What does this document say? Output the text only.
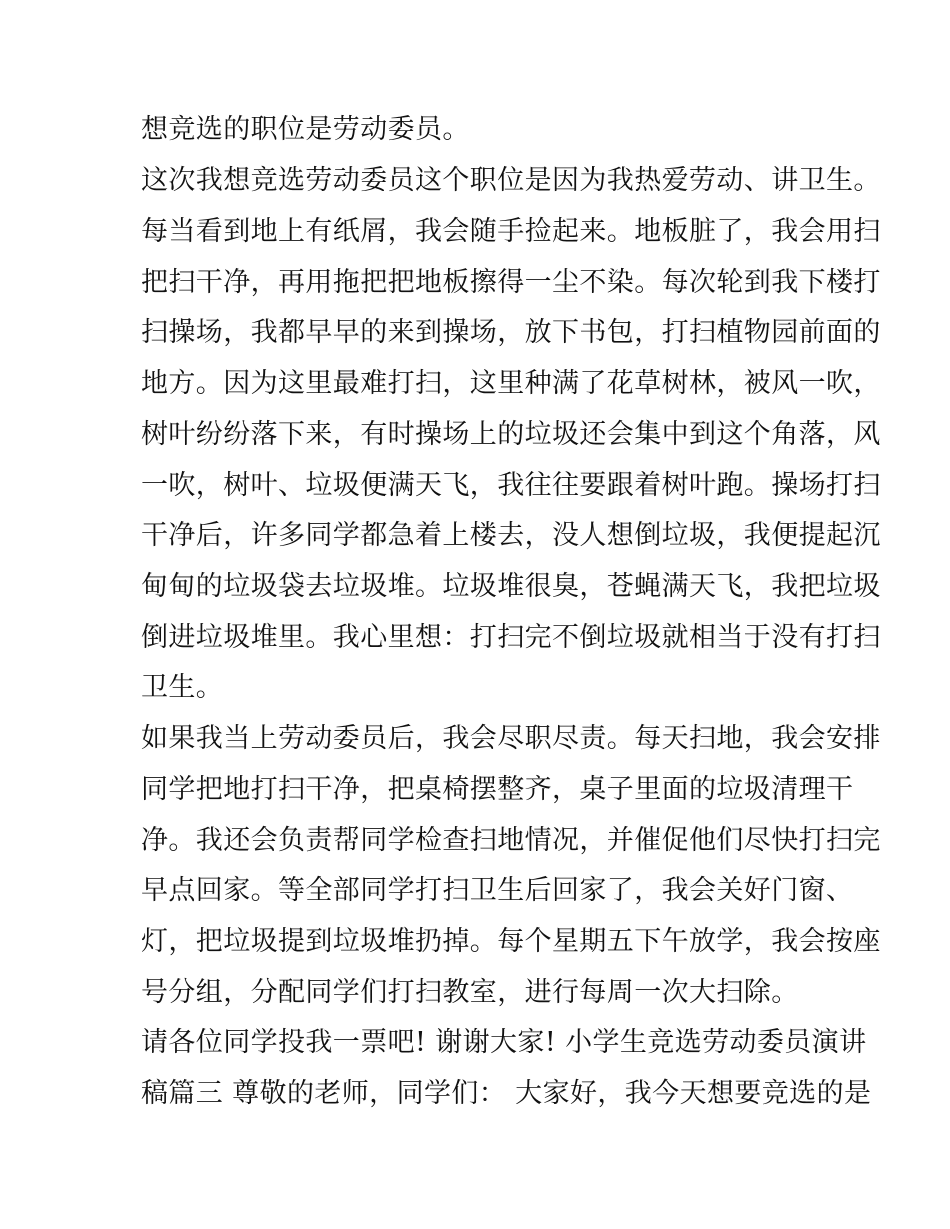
想竞选的职位是劳动委员。
这次我想竞选劳动委员这个职位是因为我热爱劳动、讲卫生。
每当看到地上有纸屑，我会随手捡起来。地板脏了，我会用扫
把扫干净，再用拖把把地板擦得一尘不染。每次轮到我下楼打
扫操场，我都早早的来到操场，放下书包，打扫植物园前面的
地方。因为这里最难打扫，这里种满了花草树林，被风一吹，
树叶纷纷落下来，有时操场上的垃圾还会集中到这个角落，风
一吹，树叶、垃圾便满天飞，我往往要跟着树叶跑。操场打扫
干净后，许多同学都急着上楼去，没人想倒垃圾，我便提起沉
甸甸的垃圾袋去垃圾堆。垃圾堆很臭，苍蝇满天飞，我把垃圾
倒进垃圾堆里。我心里想：打扫完不倒垃圾就相当于没有打扫
卫生。
如果我当上劳动委员后，我会尽职尽责。每天扫地，我会安排
同学把地打扫干净，把桌椅摆整齐，桌子里面的垃圾清理干
净。我还会负责帮同学检查扫地情况，并催促他们尽快打扫完
早点回家。等全部同学打扫卫生后回家了，我会关好门窗、
灯，把垃圾提到垃圾堆扔掉。每个星期五下午放学，我会按座
号分组，分配同学们打扫教室，进行每周一次大扫除。
请各位同学投我一票吧! 谢谢大家! 小学生竞选劳动委员演讲
稿篇三 尊敬的老师，同学们： 大家好，我今天想要竞选的是
